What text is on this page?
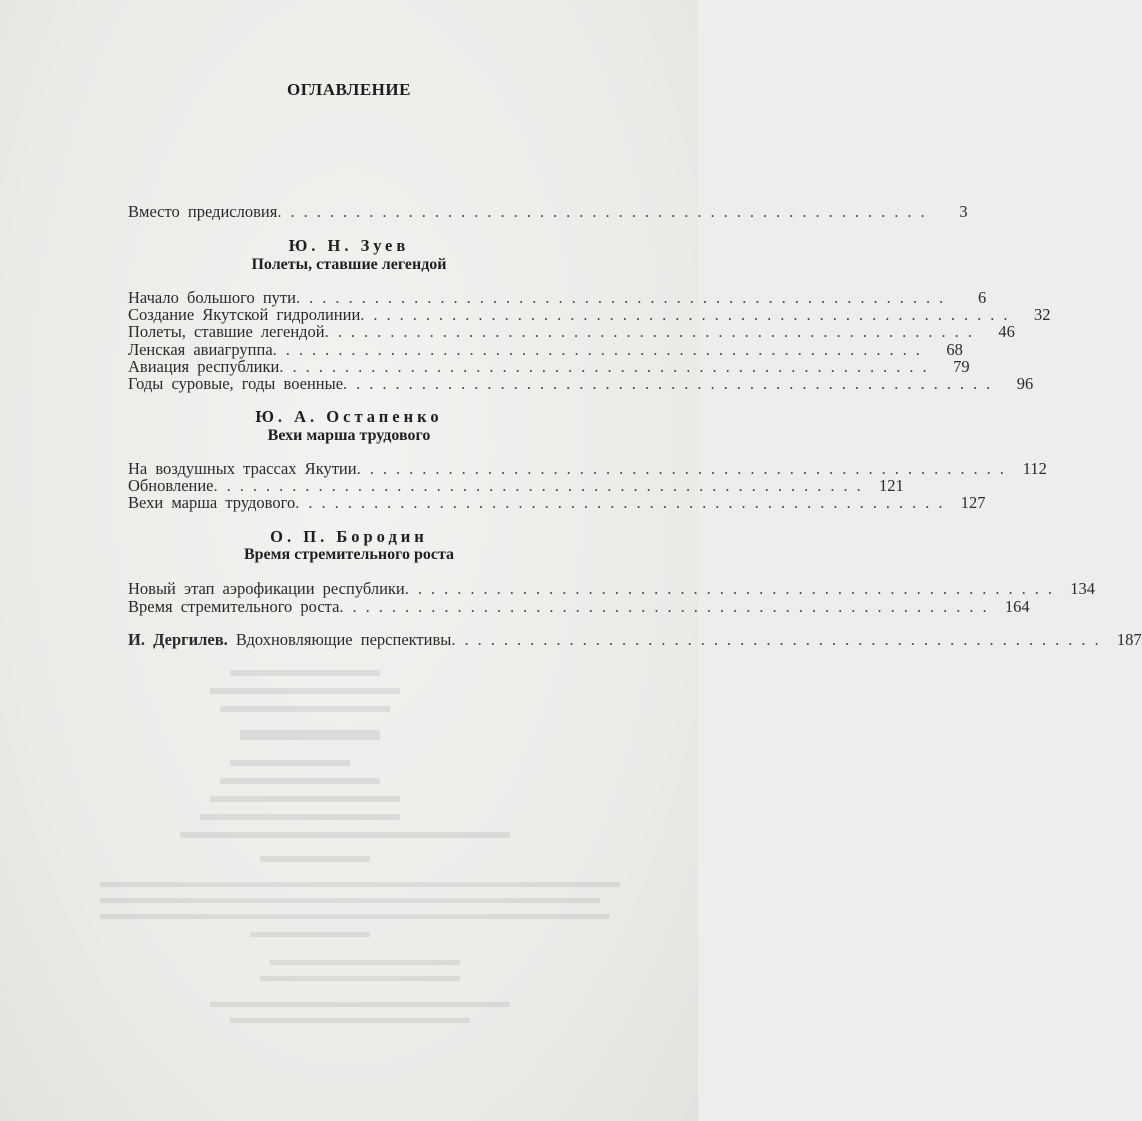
ОГЛАВЛЕНИЕ
Вместо предисловия ..................................................	3
Ю. Н. Зуев
Полеты, ставшие легендой
Начало большого пути ..................................................	6
Создание Якутской гидролинии ..................................................	32
Полеты, ставшие легендой ..................................................	46
Ленская авиагруппа ..................................................	68
Авиация республики ..................................................	79
Годы суровые, годы военные ..................................................	96
Ю. А. Остапенко
Вехи марша трудового
На воздушных трассах Якутии .................................................. 112
Обновление .................................................. 121
Вехи марша трудового .................................................. 127
О. П. Бородин
Время стремительного роста
Новый этап аэрофикации республики .................................................. 134
Время стремительного роста .................................................. 164
И. Дергилев. Вдохновляющие перспективы .................................................. 187
